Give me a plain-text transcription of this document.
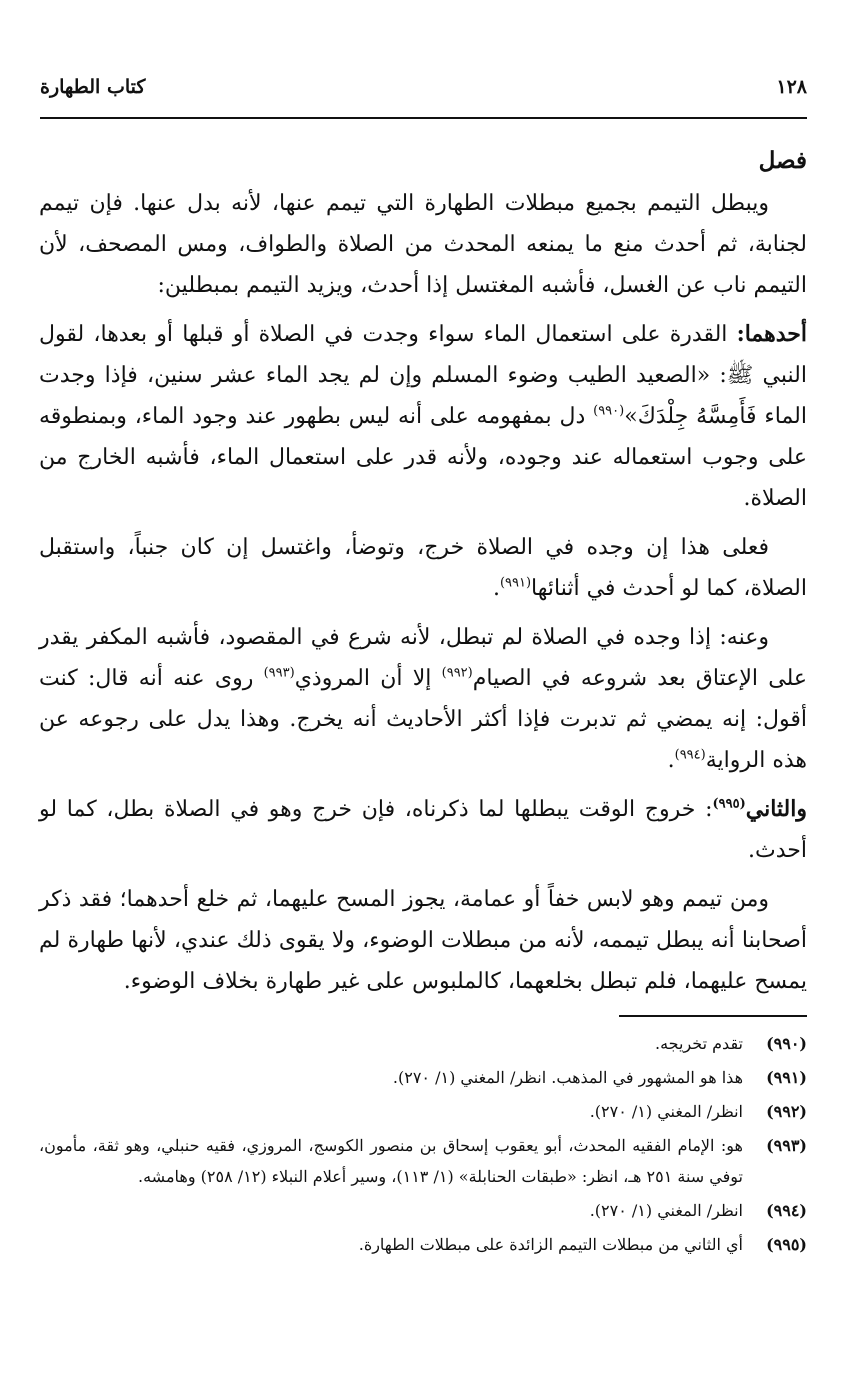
١٢٨
كتاب الطهارة
فصل

ويبطل التيمم بجميع مبطلات الطهارة التي تيمم عنها، لأنه بدل عنها. فإن تيمم لجنابة، ثم أحدث منع ما يمنعه المحدث من الصلاة والطواف، ومس المصحف، لأن التيمم ناب عن الغسل، فأشبه المغتسل إذا أحدث، ويزيد التيمم بمبطلين:

أحدهما: القدرة على استعمال الماء سواء وجدت في الصلاة أو قبلها أو بعدها، لقول النبي ﷺ: «الصعيد الطيب وضوء المسلم وإن لم يجد الماء عشر سنين، فإذا وجدت الماء فَأَمِسَّهُ جِلْدَكَ»$^{(٩٩٠)}$ دل بمفهومه على أنه ليس بطهور عند وجود الماء، وبمنطوقه على وجوب استعماله عند وجوده، ولأنه قدر على استعمال الماء، فأشبه الخارج من الصلاة.

فعلى هذا إن وجده في الصلاة خرج، وتوضأ، واغتسل إن كان جنباً، واستقبل الصلاة، كما لو أحدث في أثنائها$^{(٩٩١)}$.

وعنه: إذا وجده في الصلاة لم تبطل، لأنه شرع في المقصود، فأشبه المكفر يقدر على الإعتاق بعد شروعه في الصيام$^{(٩٩٢)}$ إلا أن المروذي$^{(٩٩٣)}$ روى عنه أنه قال: كنت أقول: إنه يمضي ثم تدبرت فإذا أكثر الأحاديث أنه يخرج. وهذا يدل على رجوعه عن هذه الرواية$^{(٩٩٤)}$.

والثاني$^{(٩٩٥)}$: خروج الوقت يبطلها لما ذكرناه، فإن خرج وهو في الصلاة بطل، كما لو أحدث.

ومن تيمم وهو لابس خفاً أو عمامة، يجوز المسح عليهما، ثم خلع أحدهما؛ فقد ذكر أصحابنا أنه يبطل تيممه، لأنه من مبطلات الوضوء، ولا يقوى ذلك عندي، لأنها طهارة لم يمسح عليهما، فلم تبطل بخلعهما، كالملبوس على غير طهارة بخلاف الوضوء.

(٩٩٠)
تقدم تخريجه.
(٩٩١)
هذا هو المشهور في المذهب. انظر/ المغني (١/ ٢٧٠).
(٩٩٢)
انظر/ المغني (١/ ٢٧٠).
(٩٩٣)
هو: الإمام الفقيه المحدث، أبو يعقوب إسحاق بن منصور الكوسج، المروزي، فقيه حنبلي، وهو ثقة، مأمون، توفي سنة ٢٥١ هـ، انظر: «طبقات الحنابلة» (١/ ١١٣)، وسير أعلام النبلاء (١٢/ ٢٥٨) وهامشه.
(٩٩٤)
انظر/ المغني (١/ ٢٧٠).
(٩٩٥)
أي الثاني من مبطلات التيمم الزائدة على مبطلات الطهارة.
